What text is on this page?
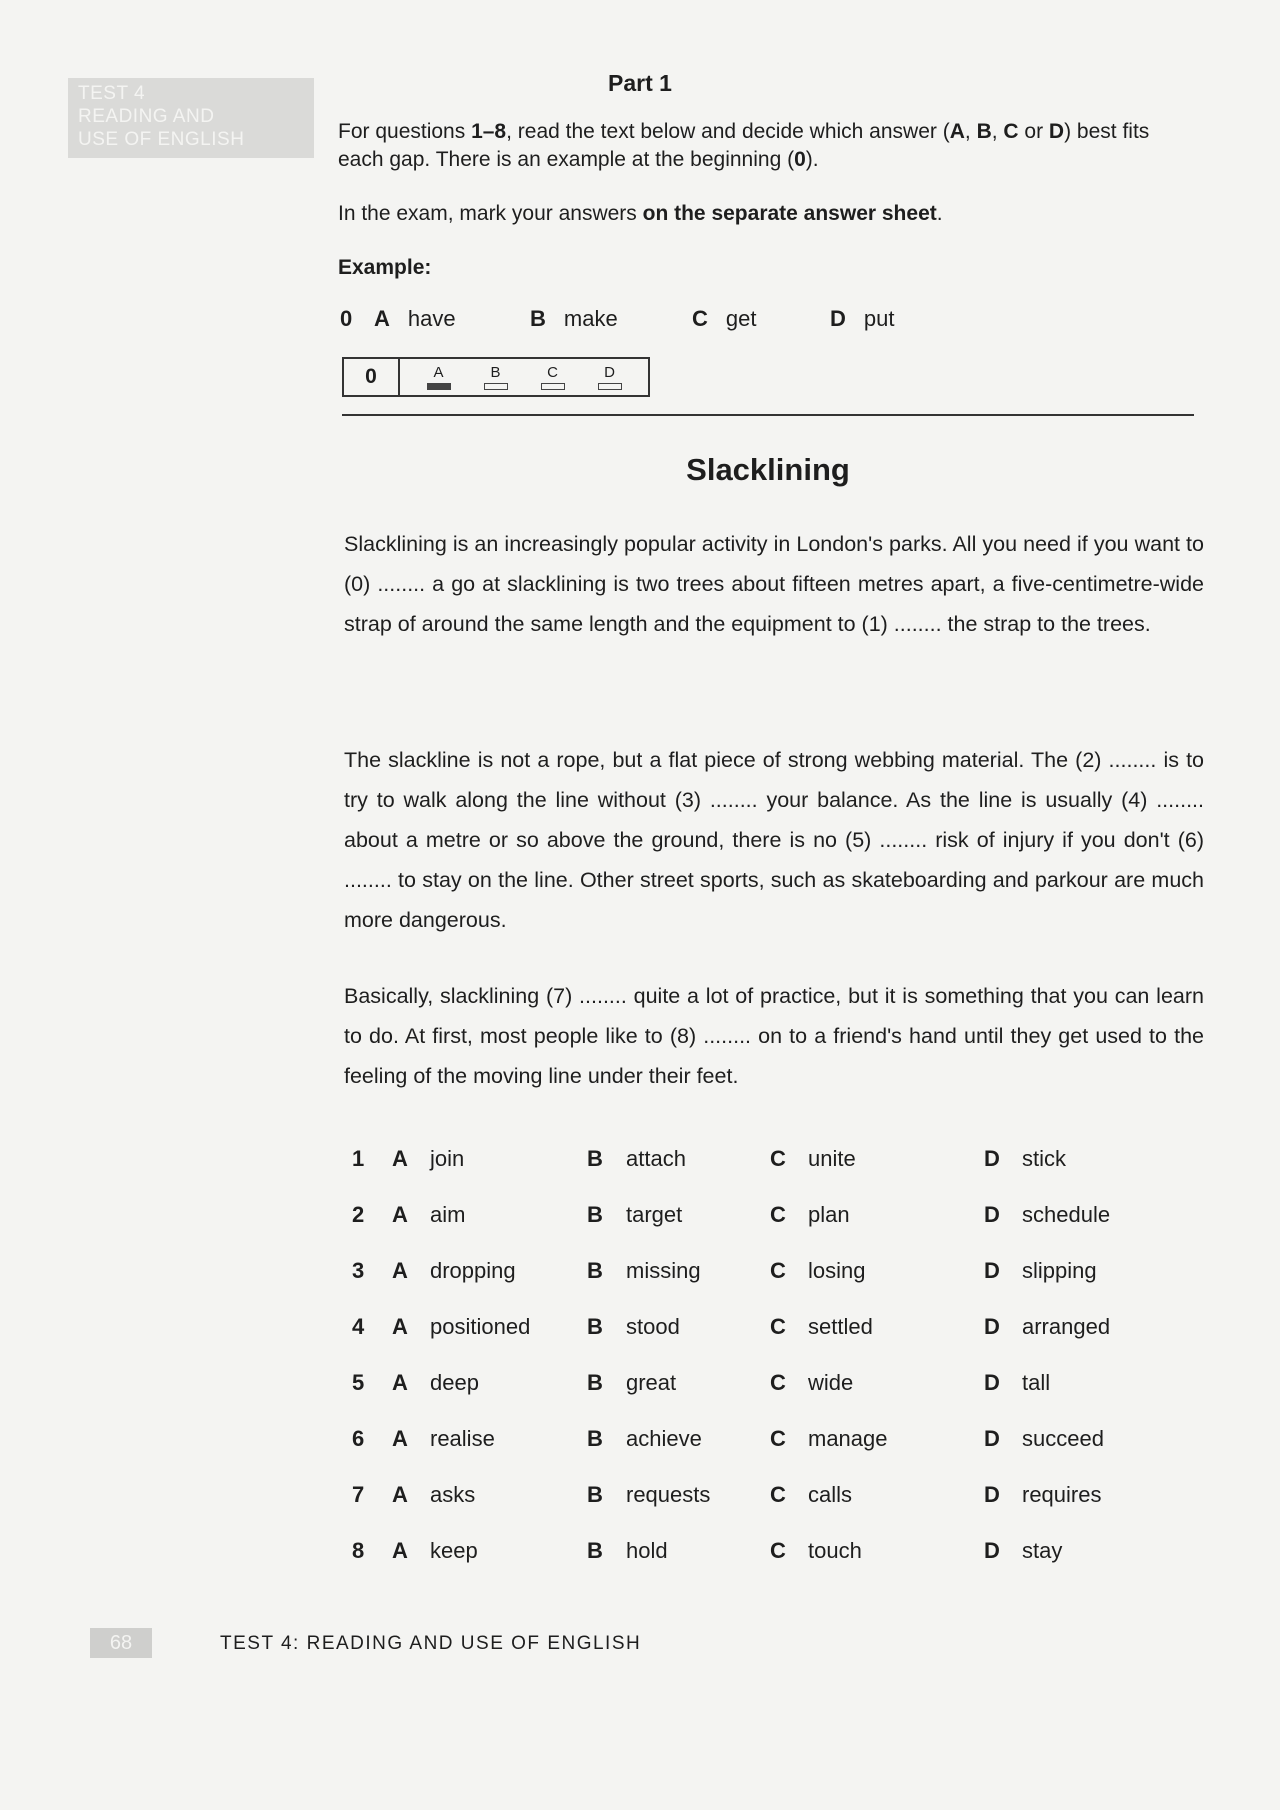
TEST 4
READING AND
USE OF ENGLISH
Part 1
For questions 1–8, read the text below and decide which answer (A, B, C or D) best fits each gap. There is an example at the beginning (0).
In the exam, mark your answers on the separate answer sheet.
Example:
0 A have	B make	C get	D put
0	A	B	C	D
Slacklining
Slacklining is an increasingly popular activity in London's parks. All you need if you want to (0) ........ a go at slacklining is two trees about fifteen metres apart, a five-centimetre-wide strap of around the same length and the equipment to (1) ........ the strap to the trees.
The slackline is not a rope, but a flat piece of strong webbing material. The (2) ........ is to try to walk along the line without (3) ........ your balance. As the line is usually (4) ........ about a metre or so above the ground, there is no (5) ........ risk of injury if you don't (6) ........ to stay on the line. Other street sports, such as skateboarding and parkour are much more dangerous.
Basically, slacklining (7) ........ quite a lot of practice, but it is something that you can learn to do. At first, most people like to (8) ........ on to a friend's hand until they get used to the feeling of the moving line under their feet.
1 A join	B attach	C unite	D stick
2 A aim	B target	C plan	D schedule
3 A dropping	B missing	C losing	D slipping
4 A positioned	B stood	C settled	D arranged
5 A deep	B great	C wide	D tall
6 A realise	B achieve	C manage	D succeed
7 A asks	B requests	C calls	D requires
8 A keep	B hold	C touch	D stay
68	TEST 4: READING AND USE OF ENGLISH
